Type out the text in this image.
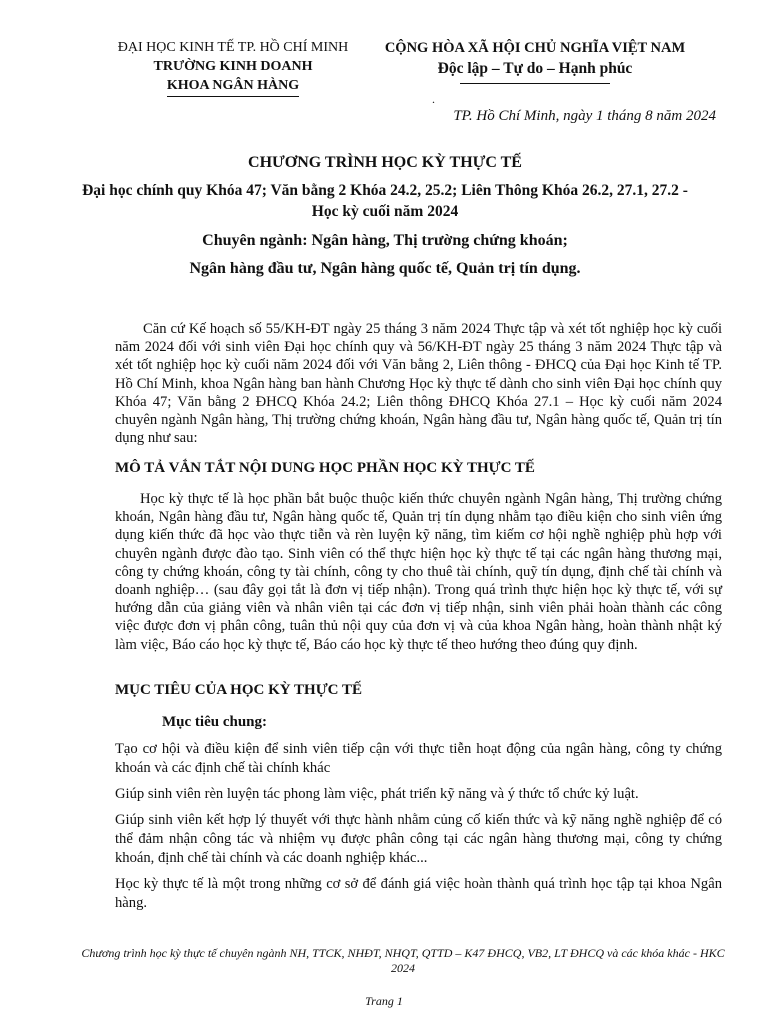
ĐẠI HỌC KINH TẾ TP. HỒ CHÍ MINH
TRƯỜNG KINH DOANH
KHOA NGÂN HÀNG
CỘNG HÒA XÃ HỘI CHỦ NGHĨA VIỆT NAM
Độc lập – Tự do – Hạnh phúc
.
TP. Hồ Chí Minh, ngày 1 tháng 8 năm 2024
CHƯƠNG TRÌNH HỌC KỲ THỰC TẾ
Đại học chính quy Khóa 47; Văn bằng 2 Khóa 24.2, 25.2; Liên Thông Khóa 26.2, 27.1, 27.2 - Học kỳ cuối năm 2024
Chuyên ngành: Ngân hàng, Thị trường chứng khoán;
Ngân hàng đầu tư, Ngân hàng quốc tế, Quản trị tín dụng.

Căn cứ Kế hoạch số 55/KH-ĐT ngày 25 tháng 3 năm 2024 Thực tập và xét tốt nghiệp học kỳ cuối năm 2024 đối với sinh viên Đại học chính quy và 56/KH-ĐT ngày 25 tháng 3 năm 2024 Thực tập và xét tốt nghiệp học kỳ cuối năm 2024 đối với Văn bằng 2, Liên thông - ĐHCQ của Đại học Kinh tế TP. Hồ Chí Minh, khoa Ngân hàng ban hành Chương Học kỳ thực tế dành cho sinh viên Đại học chính quy Khóa 47; Văn bằng 2 ĐHCQ Khóa 24.2; Liên thông ĐHCQ Khóa 27.1 – Học kỳ cuối năm 2024 chuyên ngành Ngân hàng, Thị trường chứng khoán, Ngân hàng đầu tư, Ngân hàng quốc tế, Quản trị tín dụng như sau:

MÔ TẢ VẮN TẮT NỘI DUNG HỌC PHẦN HỌC KỲ THỰC TẾ

Học kỳ thực tế là học phần bắt buộc thuộc kiến thức chuyên ngành Ngân hàng, Thị trường chứng khoán, Ngân hàng đầu tư, Ngân hàng quốc tế, Quản trị tín dụng nhằm tạo điều kiện cho sinh viên ứng dụng kiến thức đã học vào thực tiễn và rèn luyện kỹ năng, tìm kiếm cơ hội nghề nghiệp phù hợp với chuyên ngành được đào tạo. Sinh viên có thể thực hiện học kỳ thực tế tại các ngân hàng thương mại, công ty chứng khoán, công ty tài chính, công ty cho thuê tài chính, quỹ tín dụng, định chế tài chính và doanh nghiệp… (sau đây gọi tắt là đơn vị tiếp nhận). Trong quá trình thực hiện học kỳ thực tế, với sự hướng dẫn của giảng viên và nhân viên tại các đơn vị tiếp nhận, sinh viên phải hoàn thành các công việc được đơn vị phân công, tuân thủ nội quy của đơn vị và của khoa Ngân hàng, hoàn thành nhật ký làm việc, Báo cáo học kỳ thực tế, Báo cáo học kỳ thực tế theo hướng theo đúng quy định.

MỤC TIÊU CỦA HỌC KỲ THỰC TẾ
Mục tiêu chung:
Tạo cơ hội và điều kiện để sinh viên tiếp cận với thực tiễn hoạt động của ngân hàng, công ty chứng khoán và các định chế tài chính khác
Giúp sinh viên rèn luyện tác phong làm việc, phát triển kỹ năng và ý thức tổ chức kỷ luật.
Giúp sinh viên kết hợp lý thuyết với thực hành nhằm củng cố kiến thức và kỹ năng nghề nghiệp để có thể đảm nhận công tác và nhiệm vụ được phân công tại các ngân hàng thương mại, công ty chứng khoán, định chế tài chính và các doanh nghiệp khác...
Học kỳ thực tế là một trong những cơ sở để đánh giá việc hoàn thành quá trình học tập tại khoa Ngân hàng.
Chương trình học kỳ thực tế chuyên ngành NH, TTCK, NHĐT, NHQT, QTTD – K47 ĐHCQ, VB2, LT ĐHCQ và các khóa khác - HKC 2024
Trang 1
